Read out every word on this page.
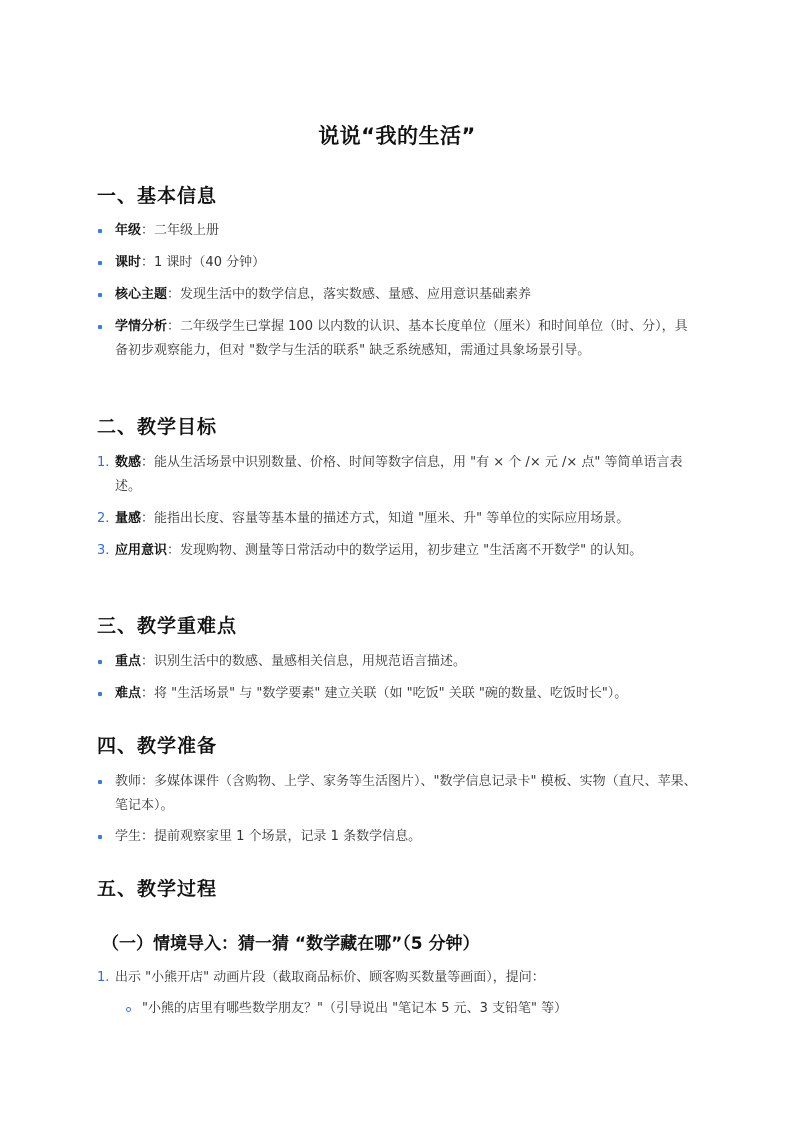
说说“我的生活”
一、基本信息
年级：二年级上册
课时：1 课时（40 分钟）
核心主题：发现生活中的数学信息，落实数感、量感、应用意识基础素养
学情分析：二年级学生已掌握 100 以内数的认识、基本长度单位（厘米）和时间单位（时、分），具备初步观察能力，但对 "数学与生活的联系" 缺乏系统感知，需通过具象场景引导。
二、教学目标
1. 数感：能从生活场景中识别数量、价格、时间等数字信息，用 "有 × 个 /× 元 /× 点" 等简单语言表述。
2. 量感：能指出长度、容量等基本量的描述方式，知道 "厘米、升" 等单位的实际应用场景。
3. 应用意识：发现购物、测量等日常活动中的数学运用，初步建立 "生活离不开数学" 的认知。
三、教学重难点
重点：识别生活中的数感、量感相关信息，用规范语言描述。
难点：将 "生活场景" 与 "数学要素" 建立关联（如 "吃饭" 关联 "碗的数量、吃饭时长"）。
四、教学准备
教师：多媒体课件（含购物、上学、家务等生活图片）、"数学信息记录卡" 模板、实物（直尺、苹果、笔记本）。
学生：提前观察家里 1 个场景，记录 1 条数学信息。
五、教学过程
（一）情境导入：猜一猜 “数学藏在哪”（5 分钟）
1. 出示 "小熊开店" 动画片段（截取商品标价、顾客购买数量等画面），提问：
"小熊的店里有哪些数学朋友？"（引导说出 "笔记本 5 元、3 支铅笔" 等）
